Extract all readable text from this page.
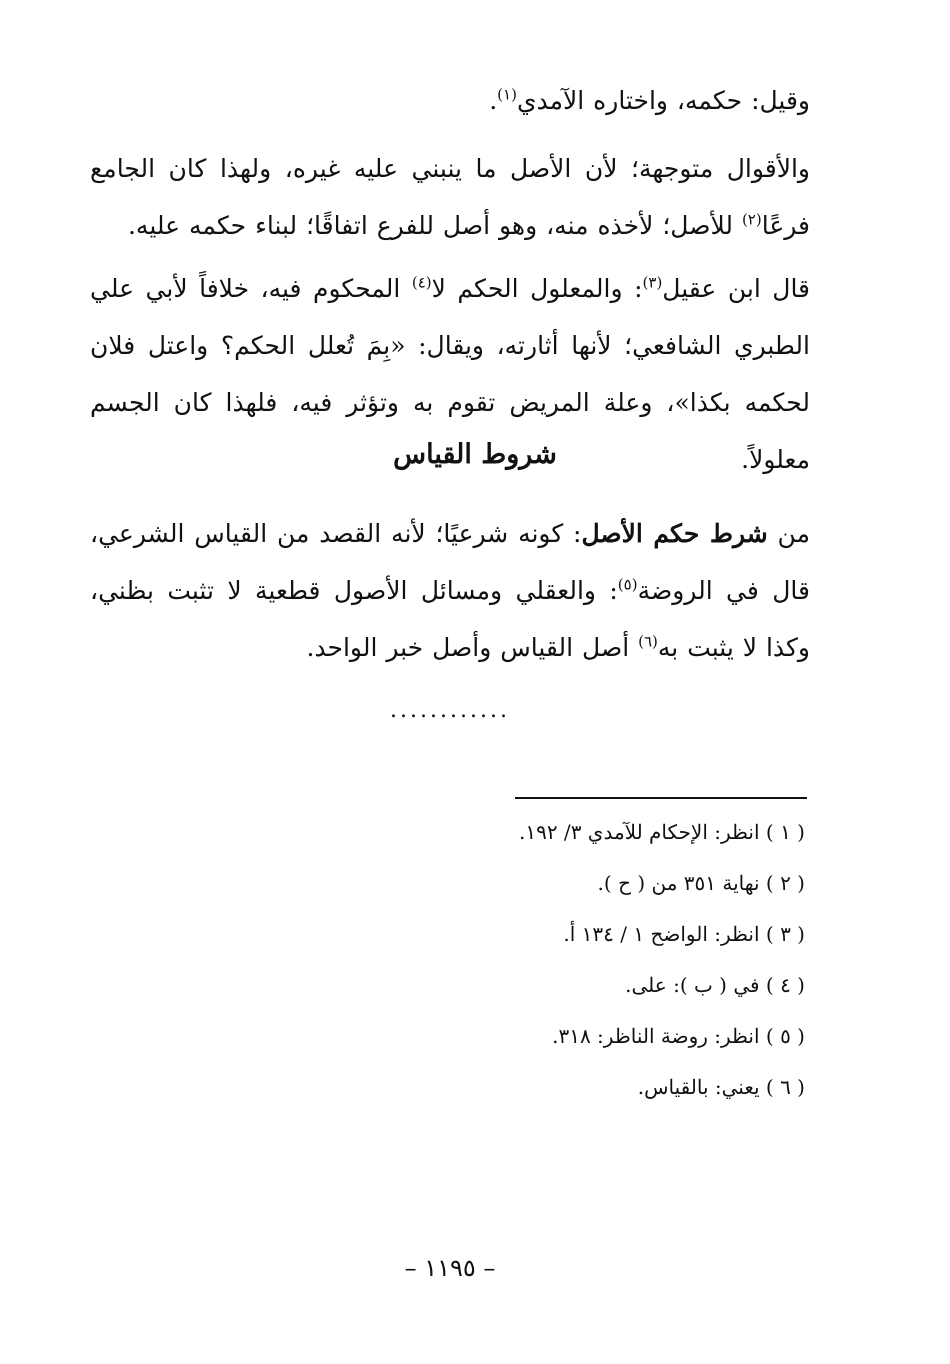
وقيل: حكمه، واختاره الآمدي$^{(١)}$.
والأقوال متوجهة؛ لأن الأصل ما ينبني عليه غيره، ولهذا كان الجامع فرعًا$^{(٢)}$ للأصل؛ لأخذه منه، وهو أصل للفرع اتفاقًا؛ لبناء حكمه عليه.
قال ابن عقيل$^{(٣)}$: والمعلول الحكم لا$^{(٤)}$ المحكوم فيه، خلافاً لأبي علي الطبري الشافعي؛ لأنها أثارته، ويقال: «بِمَ تُعلل الحكم؟ واعتل فلان لحكمه بكذا»، وعلة المريض تقوم به وتؤثر فيه، فلهذا كان الجسم معلولاً.
شروط القياس
من شرط حكم الأصل: كونه شرعيًا؛ لأنه القصد من القياس الشرعي، قال في الروضة$^{(٥)}$: والعقلي ومسائل الأصول قطعية لا تثبت بظني، وكذا لا يثبت به$^{(٦)}$ أصل القياس وأصل خبر الواحد.
............
( ١ ) انظر: الإحكام للآمدي ٣/ ١٩٢.
( ٢ ) نهاية ٣٥١ من ( ح ).
( ٣ ) انظر: الواضح ١ / ١٣٤ أ.
( ٤ ) في ( ب ): على.
( ٥ ) انظر: روضة الناظر: ٣١٨.
( ٦ ) يعني: بالقياس.
– ١١٩٥ –
